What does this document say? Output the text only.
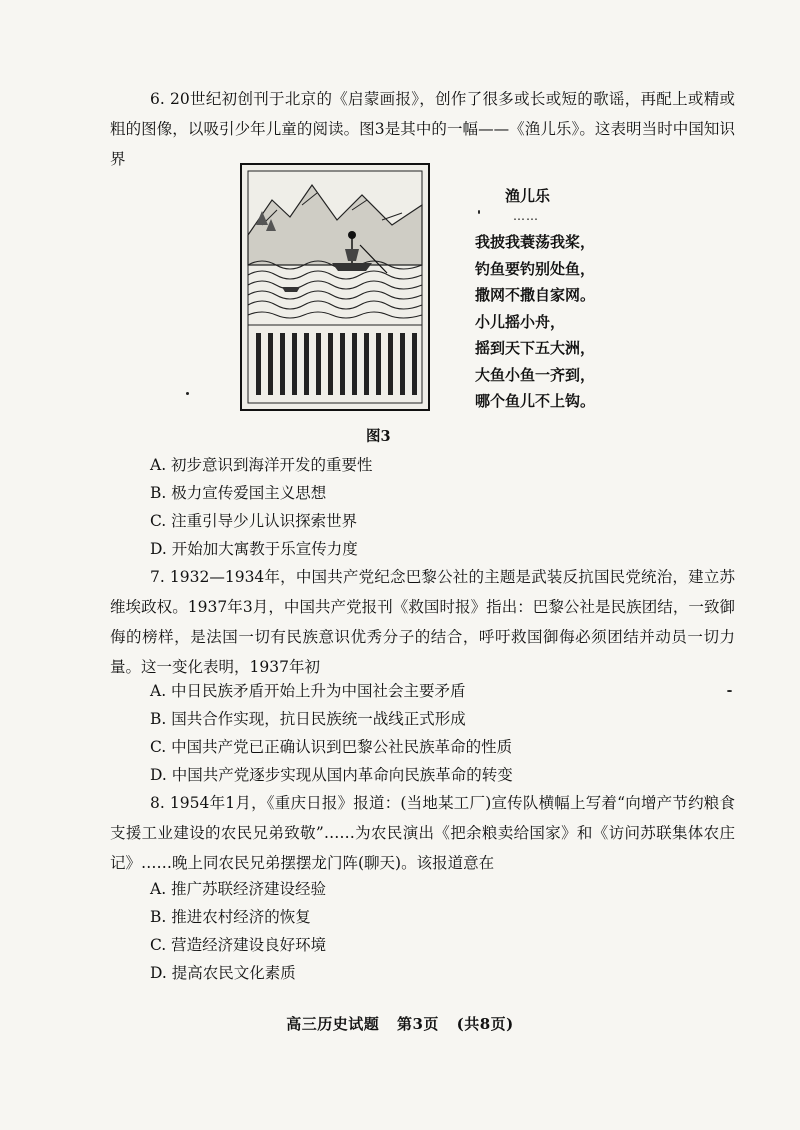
6. 20世纪初创刊于北京的《启蒙画报》，创作了很多或长或短的歌谣，再配上或精或粗的图像，以吸引少年儿童的阅读。图3是其中的一幅——《渔儿乐》。这表明当时中国知识界

渔儿乐

……

我披我蓑荡我桨，

钓鱼要钓别处鱼，

撒网不撒自家网。

小儿摇小舟，

摇到天下五大洲，

大鱼小鱼一齐到，

哪个鱼儿不上钩。

图3

A. 初步意识到海洋开发的重要性

B. 极力宣传爱国主义思想

C. 注重引导少儿认识探索世界

D. 开始加大寓教于乐宣传力度

7. 1932—1934年，中国共产党纪念巴黎公社的主题是武装反抗国民党统治，建立苏维埃政权。1937年3月，中国共产党报刊《救国时报》指出：巴黎公社是民族团结，一致御侮的榜样，是法国一切有民族意识优秀分子的结合，呼吁救国御侮必须团结并动员一切力量。这一变化表明，1937年初

A. 中日民族矛盾开始上升为中国社会主要矛盾

B. 国共合作实现，抗日民族统一战线正式形成

C. 中国共产党已正确认识到巴黎公社民族革命的性质

D. 中国共产党逐步实现从国内革命向民族革命的转变

8. 1954年1月，《重庆日报》报道：(当地某工厂)宣传队横幅上写着“向增产节约粮食支援工业建设的农民兄弟致敬”……为农民演出《把余粮卖给国家》和《访问苏联集体农庄记》……晚上同农民兄弟摆摆龙门阵(聊天)。该报道意在

A. 推广苏联经济建设经验

B. 推进农村经济的恢复

C. 营造经济建设良好环境

D. 提高农民文化素质

高三历史试题 第3页 (共8页)
